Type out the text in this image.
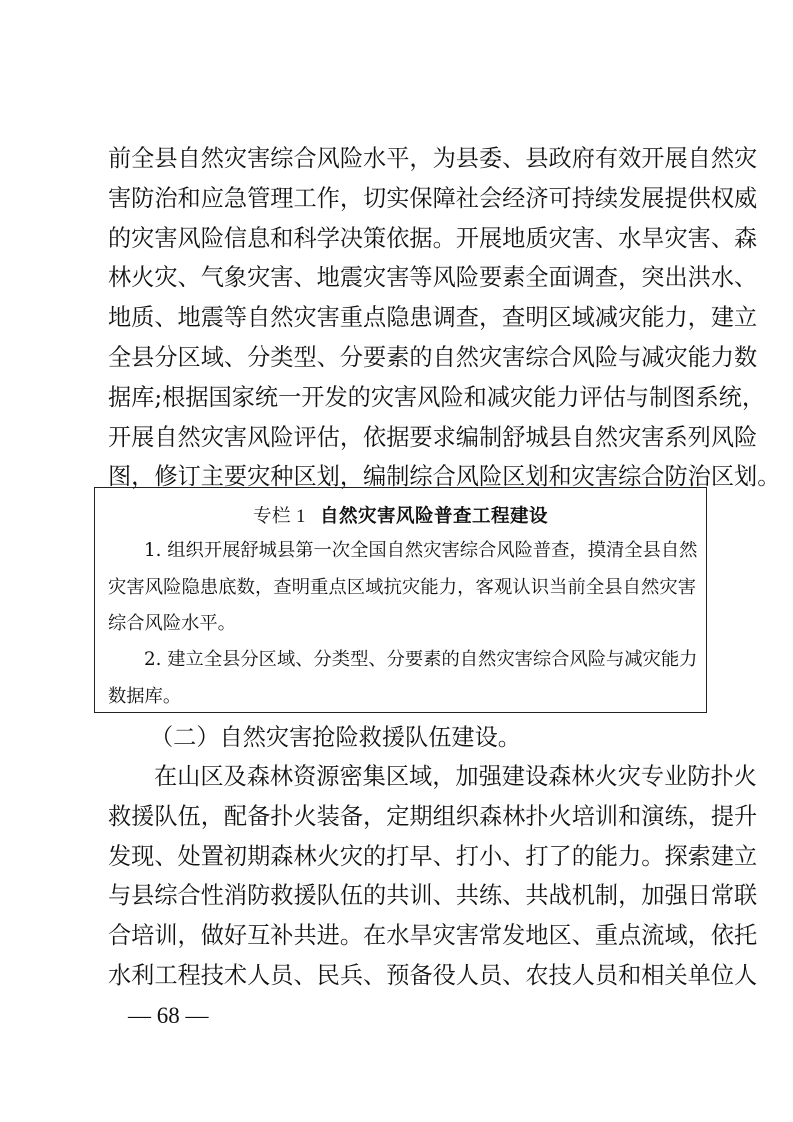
前全县自然灾害综合风险水平，为县委、县政府有效开展自然灾
害防治和应急管理工作，切实保障社会经济可持续发展提供权威
的灾害风险信息和科学决策依据。开展地质灾害、水旱灾害、森
林火灾、气象灾害、地震灾害等风险要素全面调查，突出洪水、
地质、地震等自然灾害重点隐患调查，查明区域减灾能力，建立
全县分区域、分类型、分要素的自然灾害综合风险与减灾能力数
据库;根据国家统一开发的灾害风险和减灾能力评估与制图系统，
开展自然灾害风险评估，依据要求编制舒城县自然灾害系列风险
图，修订主要灾种区划，编制综合风险区划和灾害综合防治区划。
专栏 1 自然灾害风险普查工程建设
1. 组织开展舒城县第一次全国自然灾害综合风险普查，摸清全县自然
灾害风险隐患底数，查明重点区域抗灾能力，客观认识当前全县自然灾害
综合风险水平。
2. 建立全县分区域、分类型、分要素的自然灾害综合风险与减灾能力
数据库。
（二）自然灾害抢险救援队伍建设。
在山区及森林资源密集区域，加强建设森林火灾专业防扑火
救援队伍，配备扑火装备，定期组织森林扑火培训和演练，提升
发现、处置初期森林火灾的打早、打小、打了的能力。探索建立
与县综合性消防救援队伍的共训、共练、共战机制，加强日常联
合培训，做好互补共进。在水旱灾害常发地区、重点流域，依托
水利工程技术人员、民兵、预备役人员、农技人员和相关单位人
— 68 —
